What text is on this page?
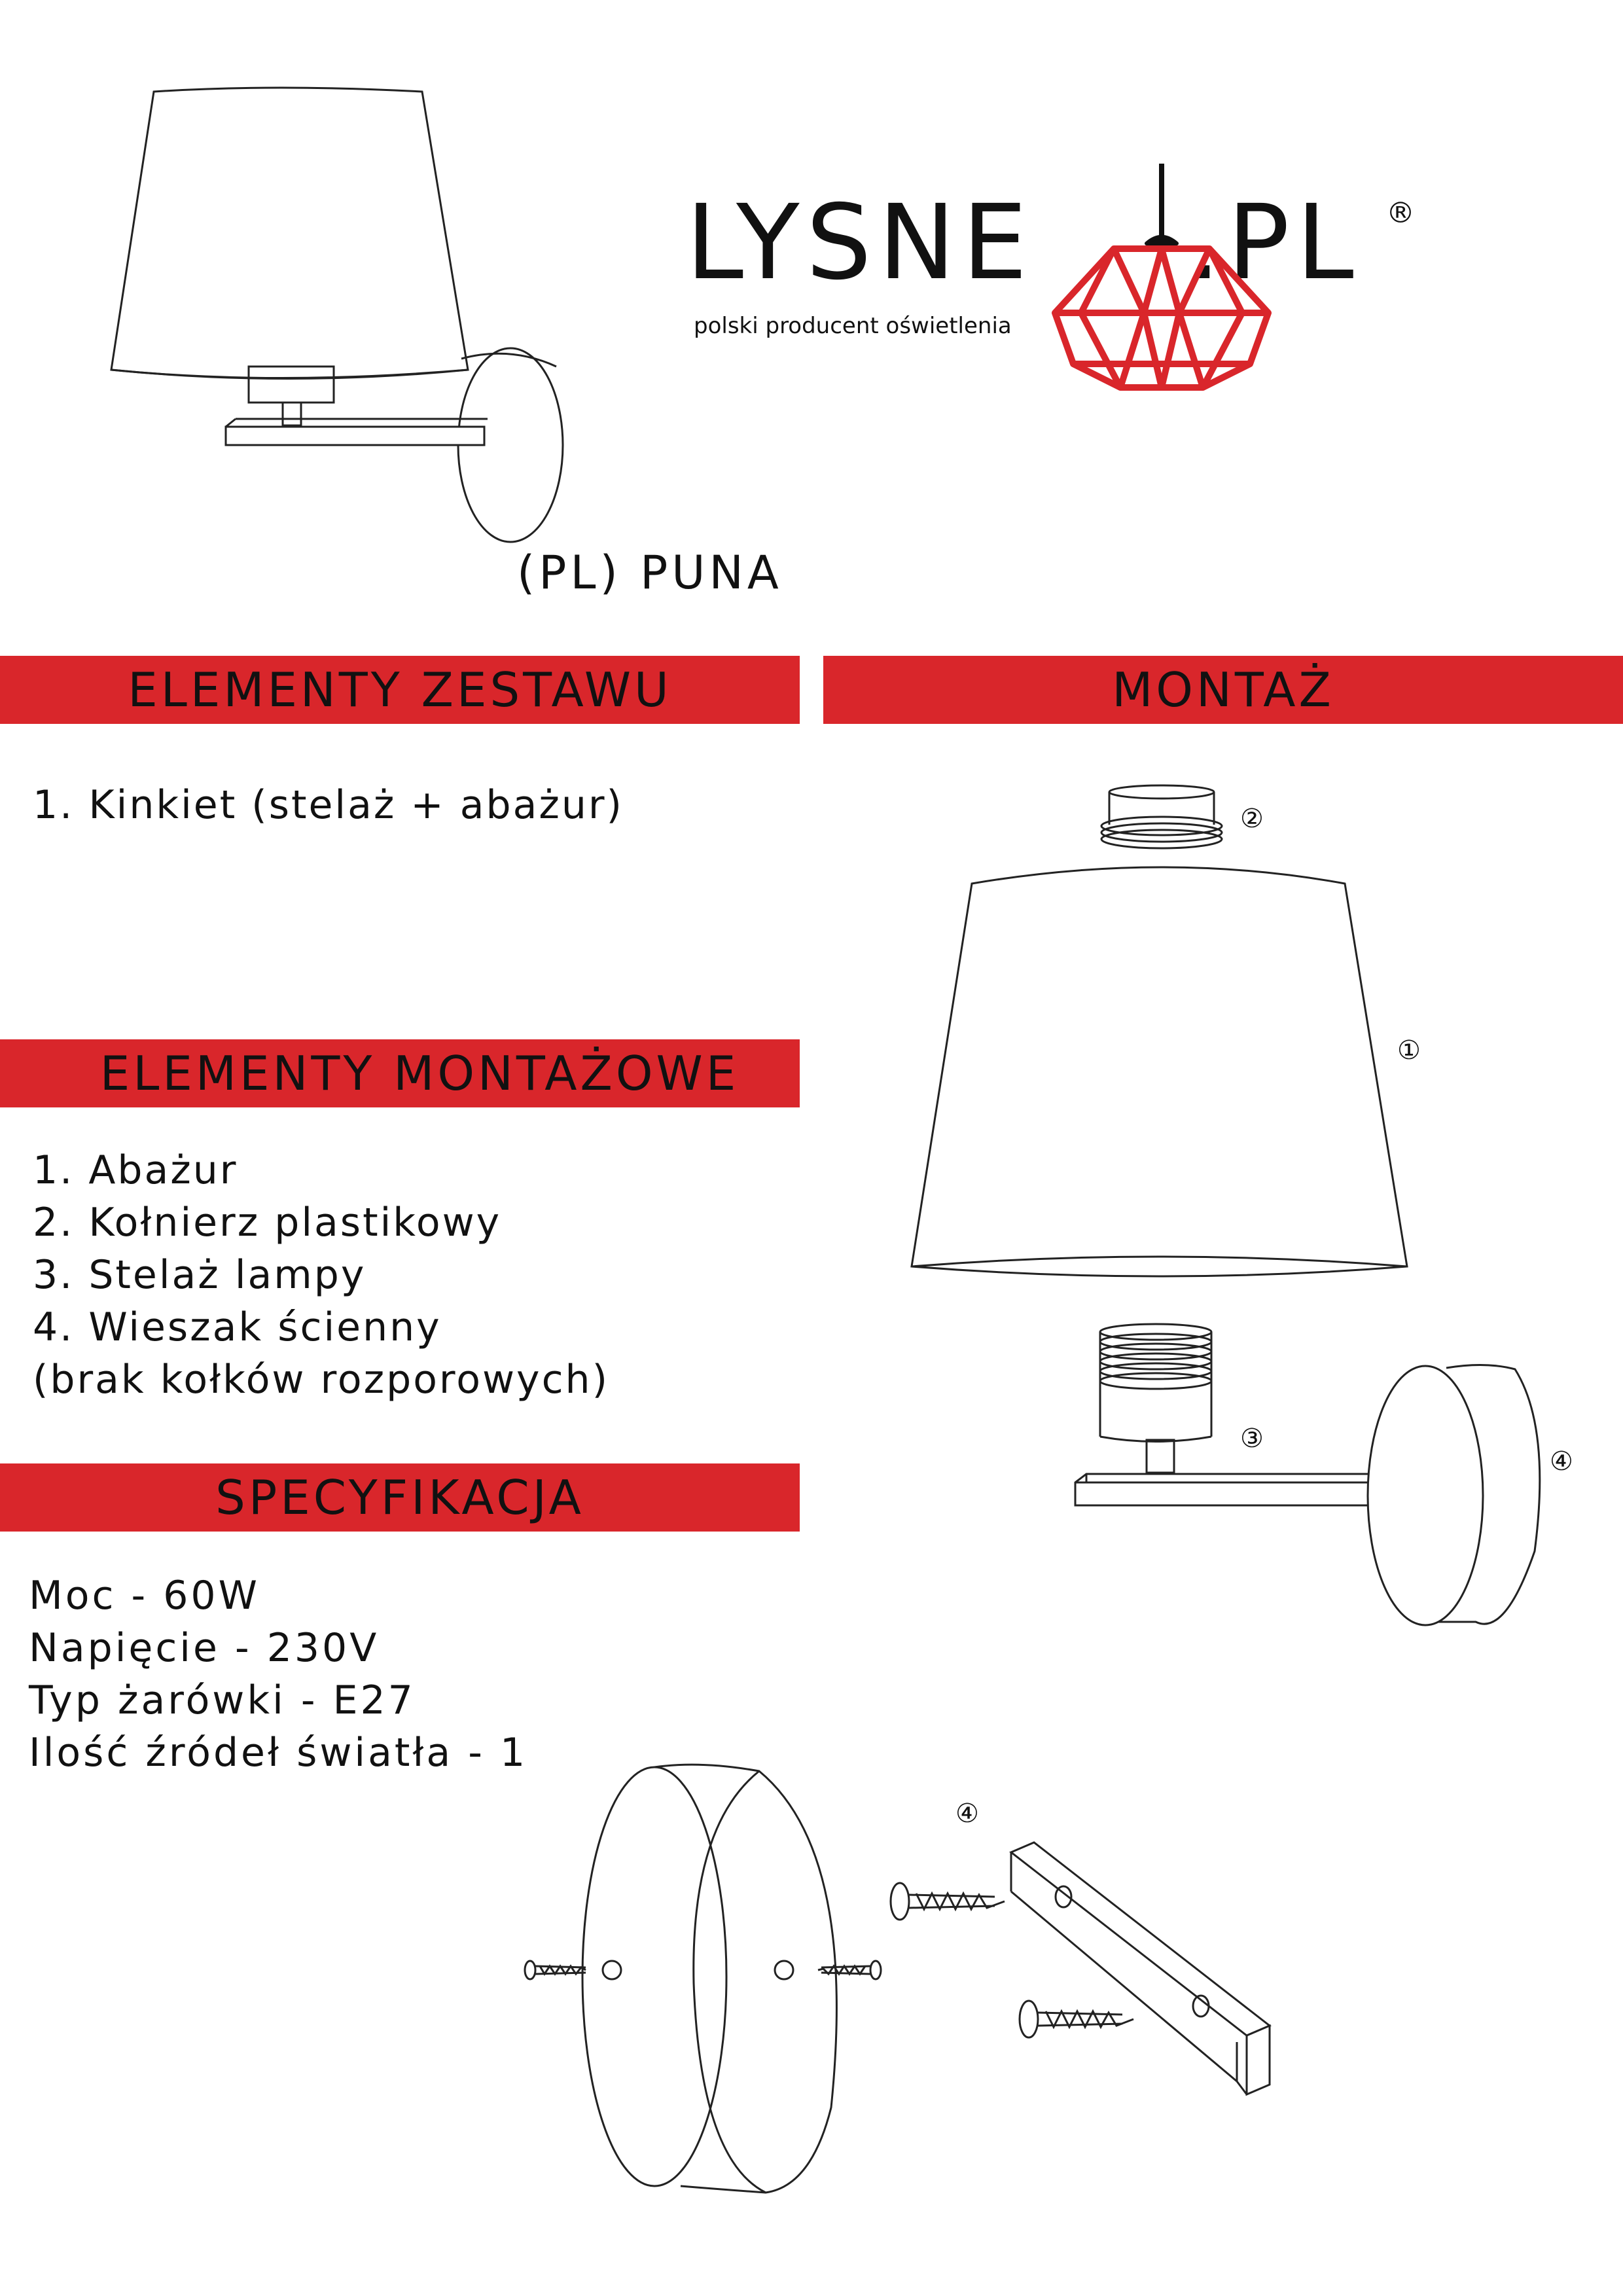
LYSNE .PL ®
polski producent oświetlenia
(PL) PUNA
ELEMENTY ZESTAWU	MONTAŻ
ELEMENTY MONTAŻOWE
SPECYFIKACJA
1. Kinkiet (stelaż + abażur)
1. Abażur
2. Kołnierz plastikowy
3. Stelaż lampy
4. Wieszak ścienny
(brak kołków rozporowych)
Moc - 60W
Napięcie - 230V
Typ żarówki - E27
Ilość źródeł światła - 1
①
②
③
④
④
